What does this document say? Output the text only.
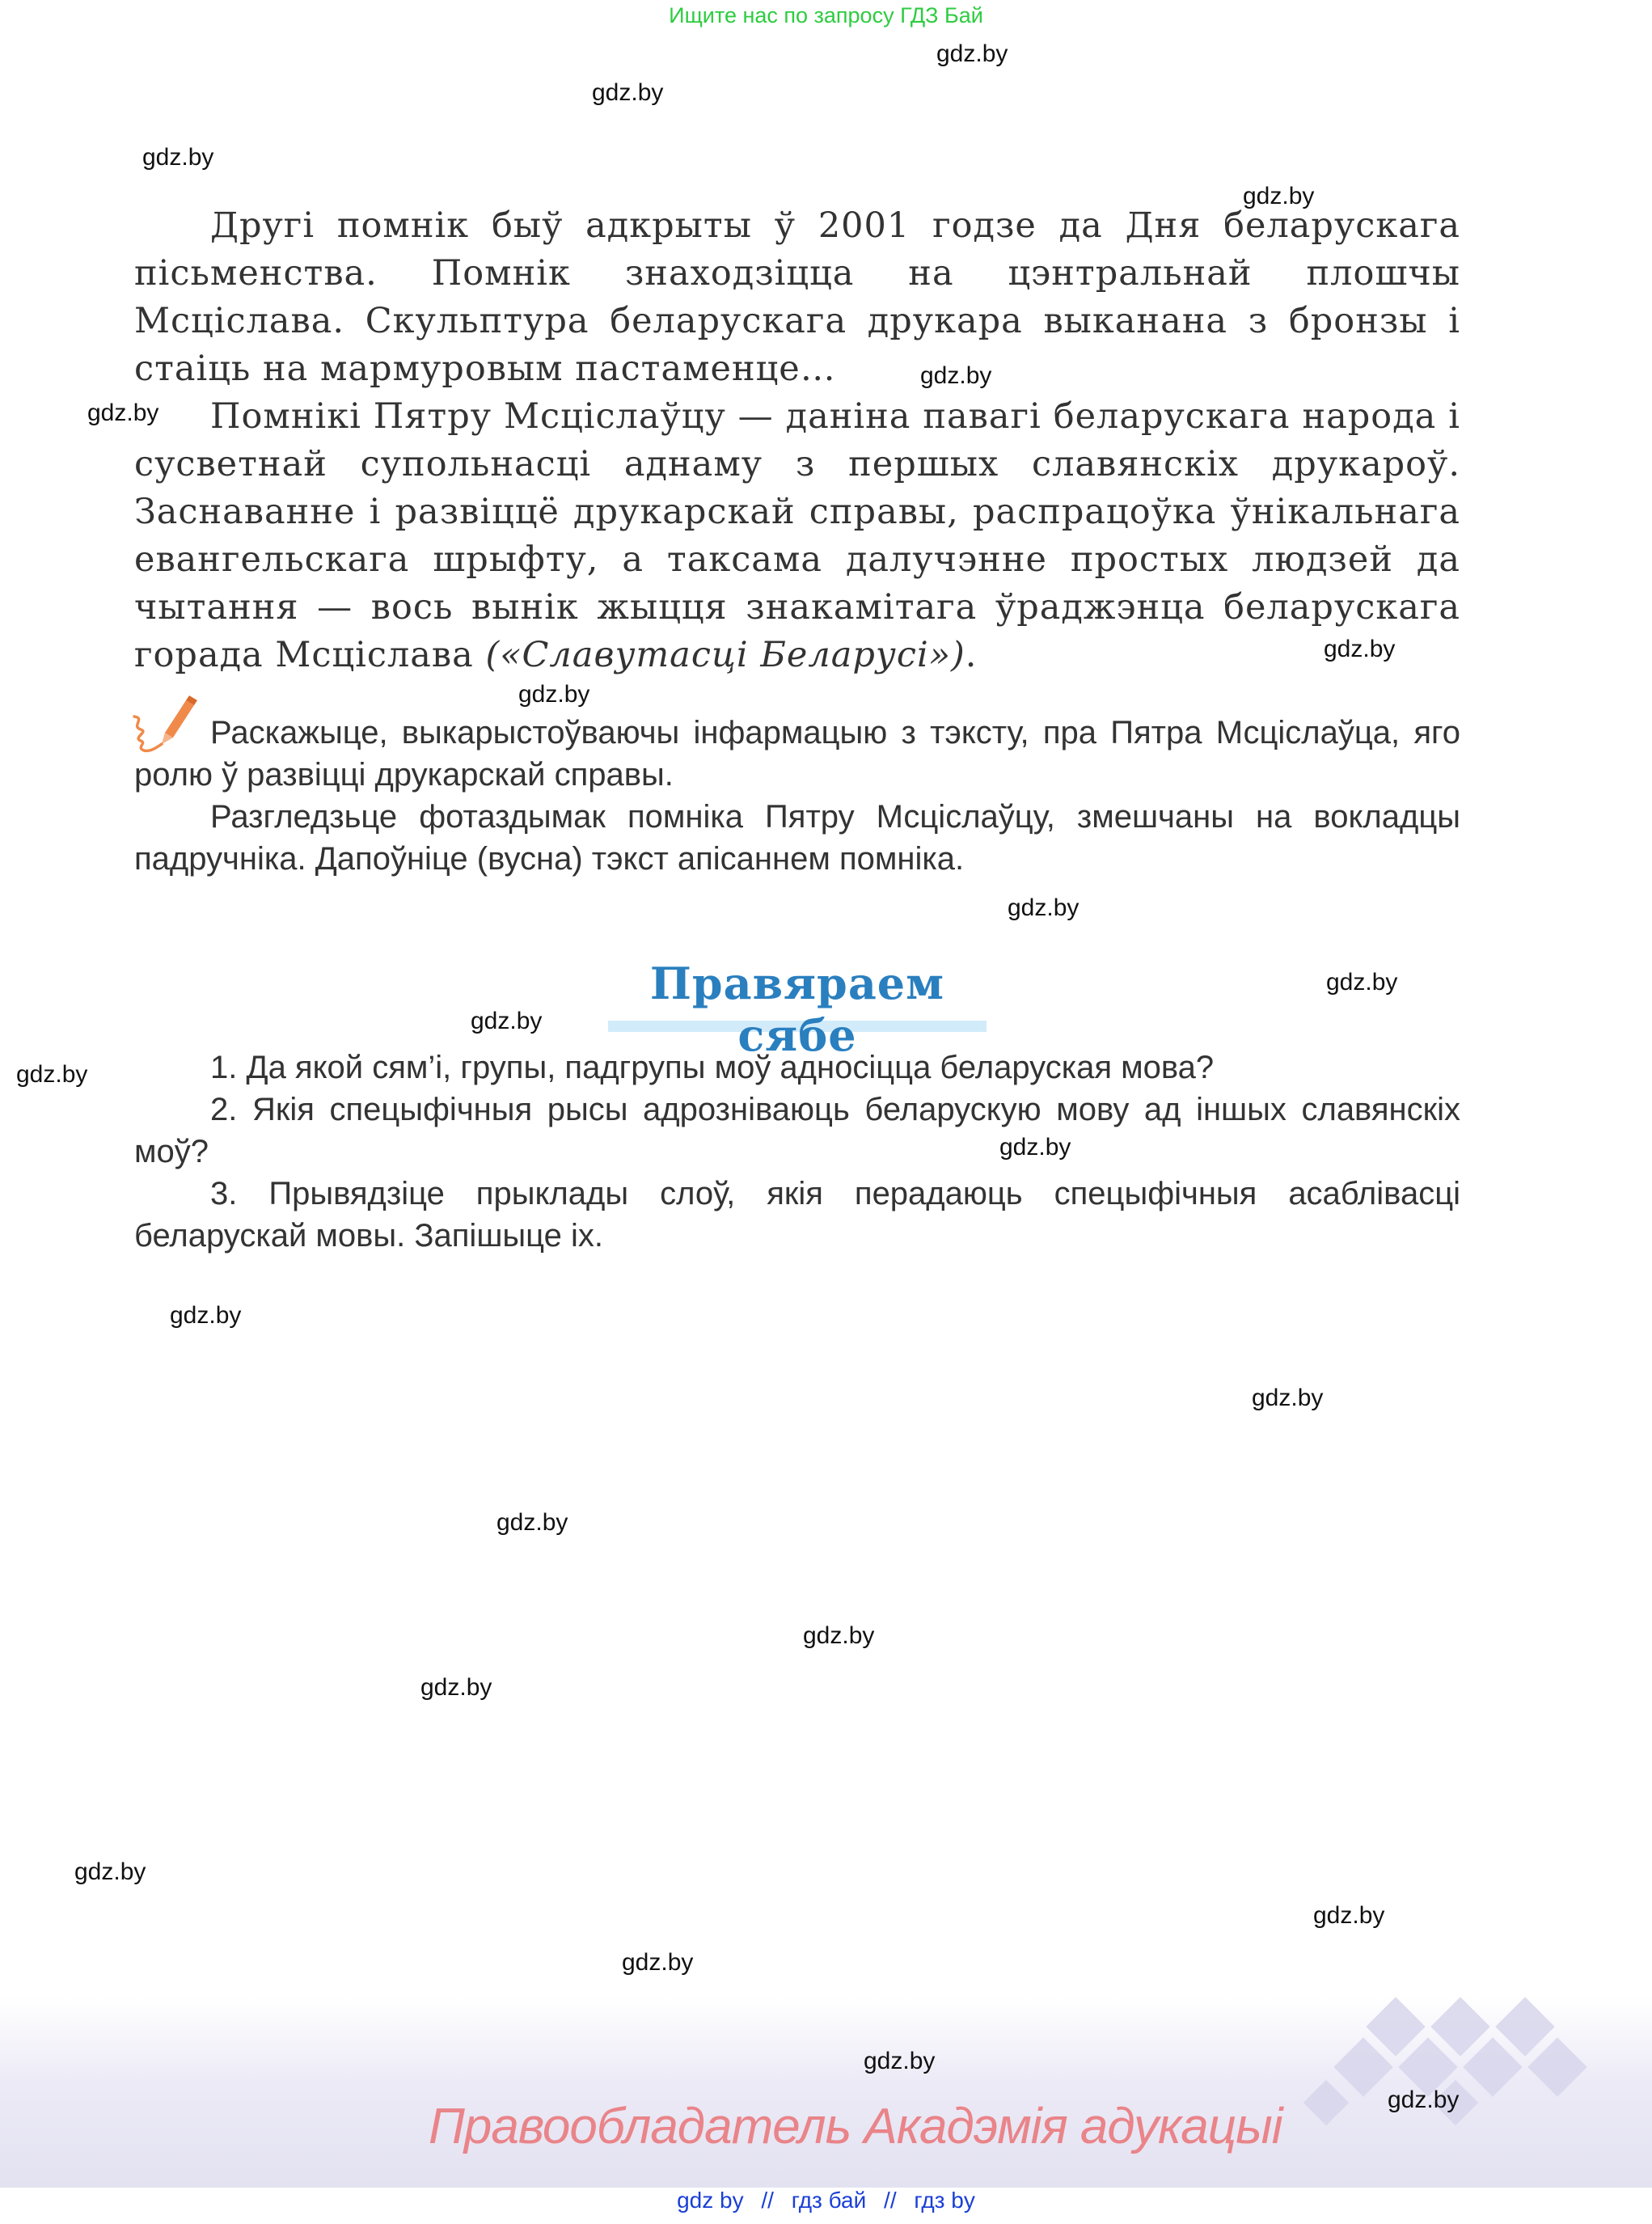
Ищите нас по запросу ГДЗ Бай
gdz.by
gdz.by
gdz.by
gdz.by
gdz.by
gdz.by
gdz.by
gdz.by
gdz.by
gdz.by
gdz.by
gdz.by
gdz.by
gdz.by
gdz.by
gdz.by
gdz.by
gdz.by
gdz.by
gdz.by
gdz.by

Другі помнік быў адкрыты ў 2001 годзе да Дня беларускага пісьменства. Помнік знаходзіцца на цэнтральнай плошчы Мсціслава. Скульптура беларускага друкара выканана з бронзы і стаіць на мармуровым пастаменце…

Помнікі Пятру Мсціслаўцу — даніна павагі беларускага народа і сусветнай супольнасці аднаму з першых славянскіх друкароў. Заснаванне і развіццё друкарскай справы, распрацоўка ўнікальнага евангельскага шрыфту, а таксама далучэнне простых людзей да чытання — вось вынік жыцця знакамітага ўраджэнца беларускага горада Мсціслава («Славутасці Беларусі»).

Раскажыце, выкарыстоўваючы інфармацыю з тэксту, пра Пятра Мсціслаўца, яго ролю ў развіцці друкарскай справы.

Разгледзьце фотаздымак помніка Пятру Мсціслаўцу, змешчаны на вокладцы падручніка. Дапоўніце (вусна) тэкст апісаннем помніка.

Правяраем сябе

1. Да якой сям’і, групы, падгрупы моў адносіцца беларуская мова?

2. Якія спецыфічныя рысы адрозніваюць беларускую мову ад іншых славянскіх моў?

3. Прывядзіце прыклады слоў, якія перадаюць спецыфічныя асаблівасці беларускай мовы. Запішыце іх.

gdz.by
gdz.by
Правообладатель Акадэмія адукацыі
gdz by // гдз бай // гдз by
